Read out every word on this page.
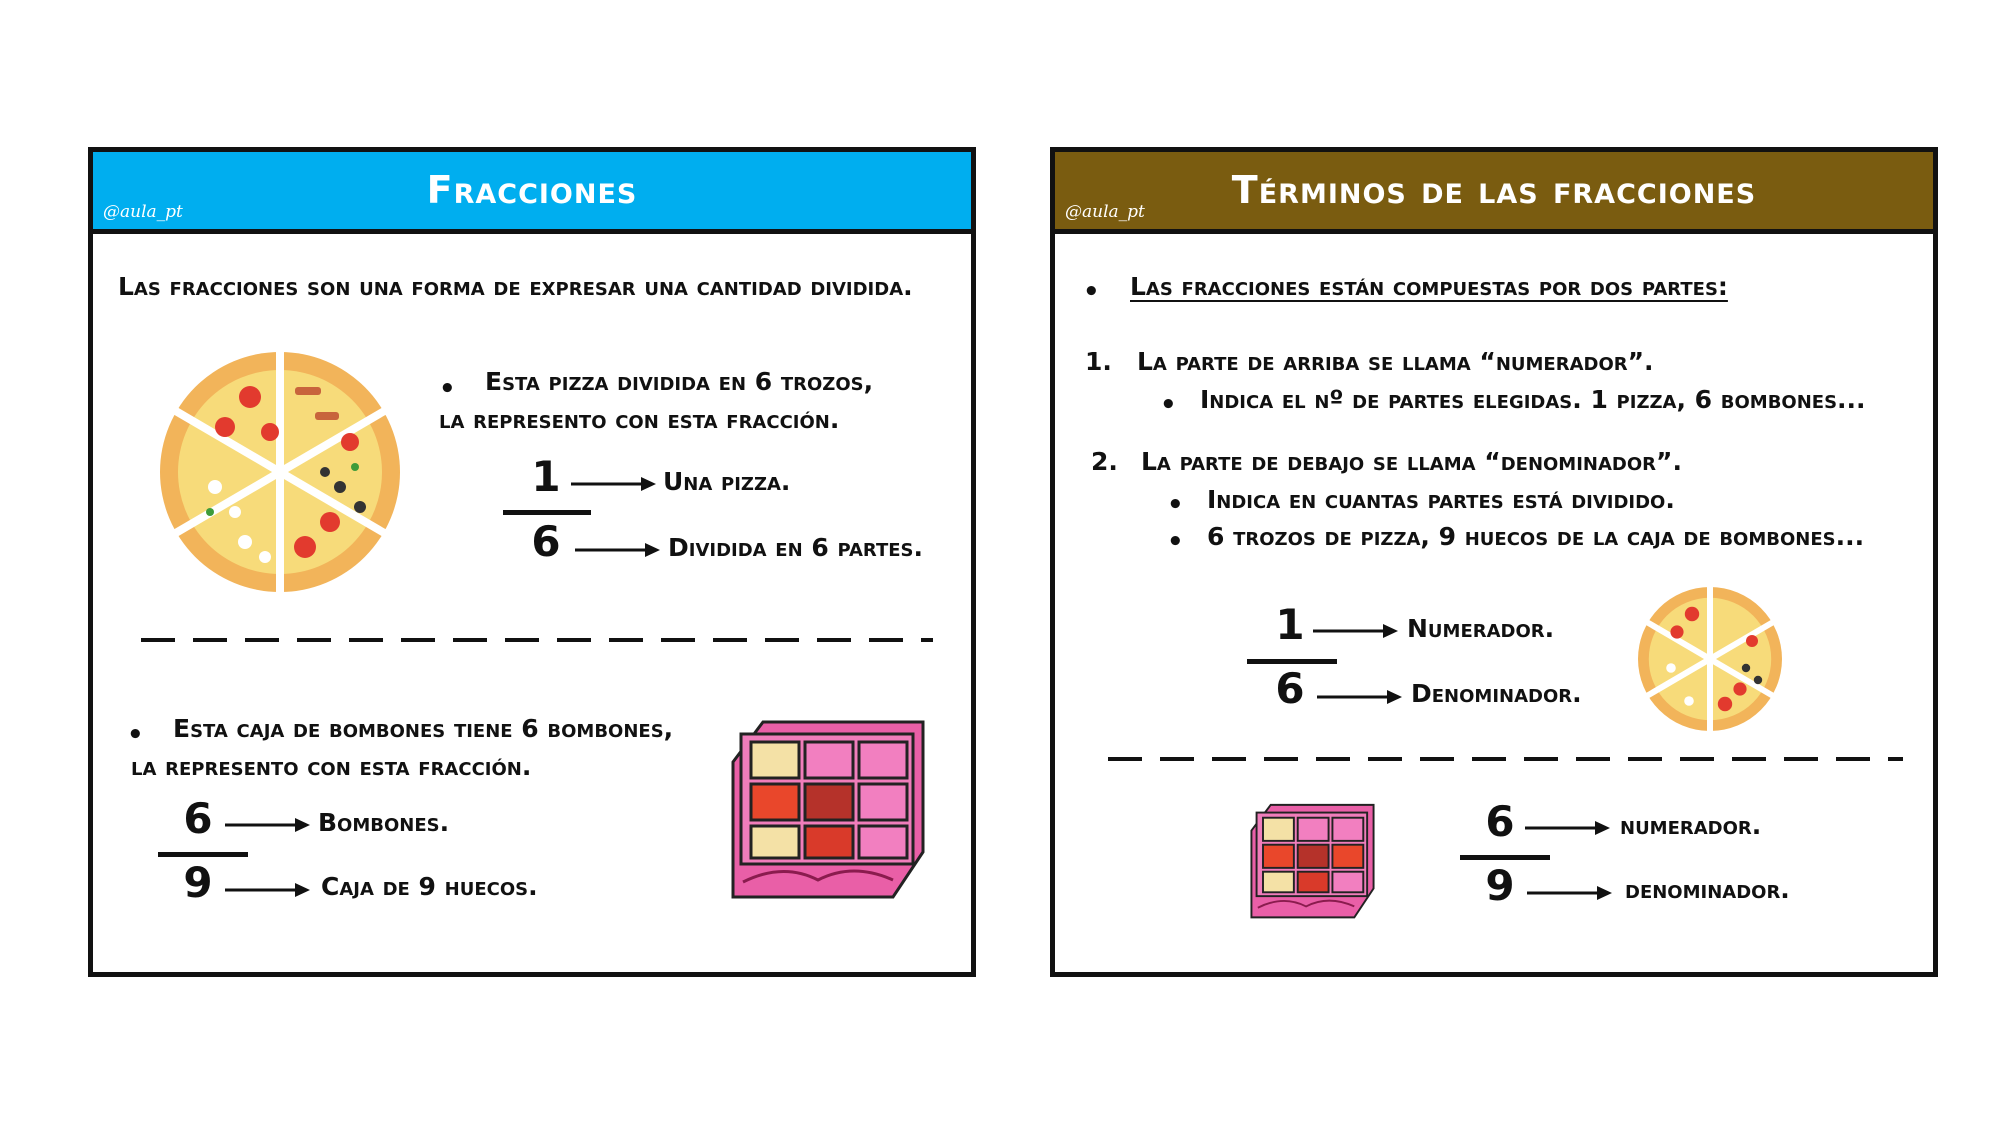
Fracciones
@aula_pt
Las fracciones son una forma de expresar una cantidad dividida.
• Esta pizza dividida en 6 trozos,
la represento con esta fracción.
1
6
Una pizza.
Dividida en 6 partes.
• Esta caja de bombones tiene 6 bombones,
la represento con esta fracción.
6
9
Bombones.
Caja de 9 huecos.
Términos de las fracciones
@aula_pt
• Las fracciones están compuestas por dos partes:
1. La parte de arriba se llama “numerador”.
• Indica el nº de partes elegidas. 1 pizza, 6 bombones...
2. La parte de debajo se llama “denominador”.
• Indica en cuantas partes está dividido.
• 6 trozos de pizza, 9 huecos de la caja de bombones...
1
6
Numerador.
Denominador.
6
9
numerador.
denominador.
